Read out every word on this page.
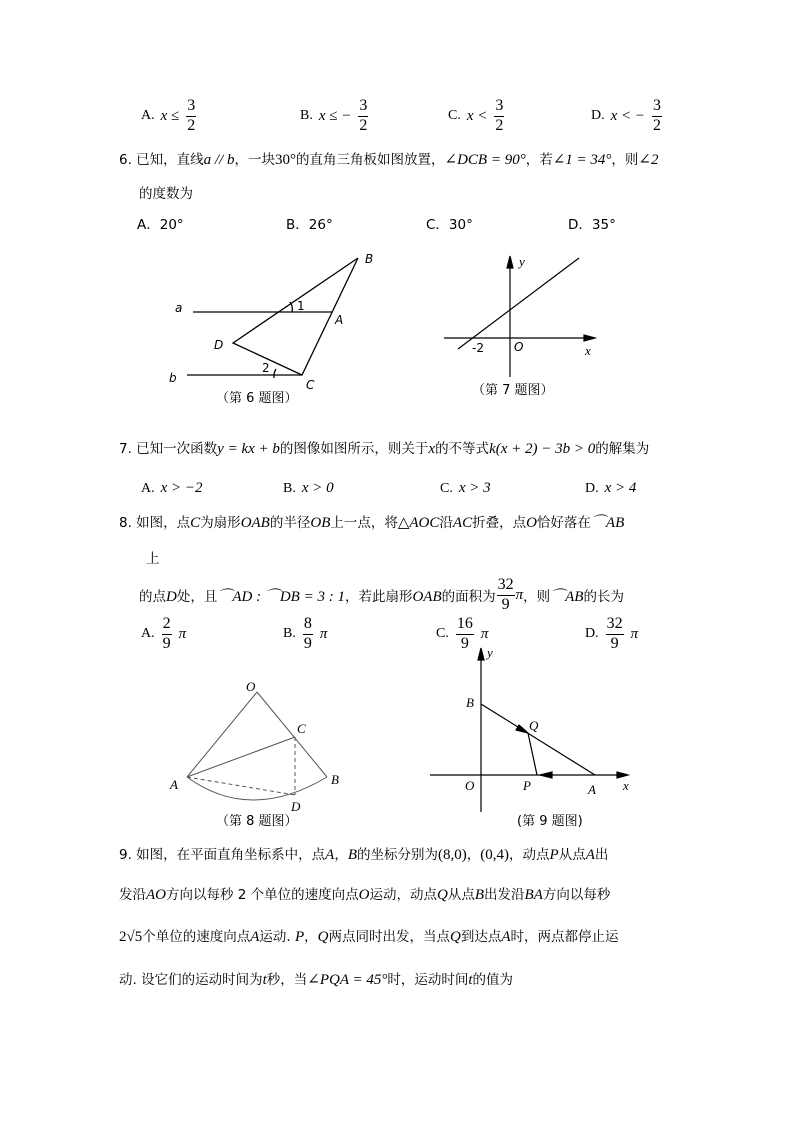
A. $x \le \frac{3}{2}$	B. x ≤ − $\frac{3}{2}$	C. $x < \frac{3}{2}$	D. x < − $\frac{3}{2}$
6. 已知，直线a // b，一块30°的直角三角板如图放置，∠DCB = 90°，若∠1 = 34°，则∠2
的度数为
A．20°	B．26°	C．30°	D．35°
a
b
B
A
D
C
1
2
（第 6 题图）
y
x
O
-2
（第 7 题图）
7. 已知一次函数y = kx + b的图像如图所示，则关于x的不等式k(x + 2) − 3b > 0的解集为
A. x > −2	B. x > 0	C. x > 3	D. x > 4
8. 如图，点C为扇形OAB的半径OB上一点，将△AOC沿AC折叠，点O恰好落在⌒AB
上
的点D处，且⌒AD : ⌒DB = 3 : 1，若此扇形OAB的面积为 $\frac{32}{9}$ π ，则⌒AB的长为
A. $\frac{2}{9}$ π	B. $\frac{8}{9}$ π	C. $\frac{16}{9}$ π	D. $\frac{32}{9}$ π
O
C
B
A
D
（第 8 题图）
y
x
B
Q
O	P	A
(第 9 题图)
9. 如图，在平面直角坐标系中，点A，B的坐标分别为(8,0)，(0,4)，动点P从点A出
发沿AO方向以每秒 2 个单位的速度向点O运动，动点Q从点B出发沿BA方向以每秒
2√5个单位的速度向点A运动. P，Q两点同时出发，当点Q到达点A时，两点都停止运
动. 设它们的运动时间为t秒，当∠PQA = 45°时，运动时间t的值为
